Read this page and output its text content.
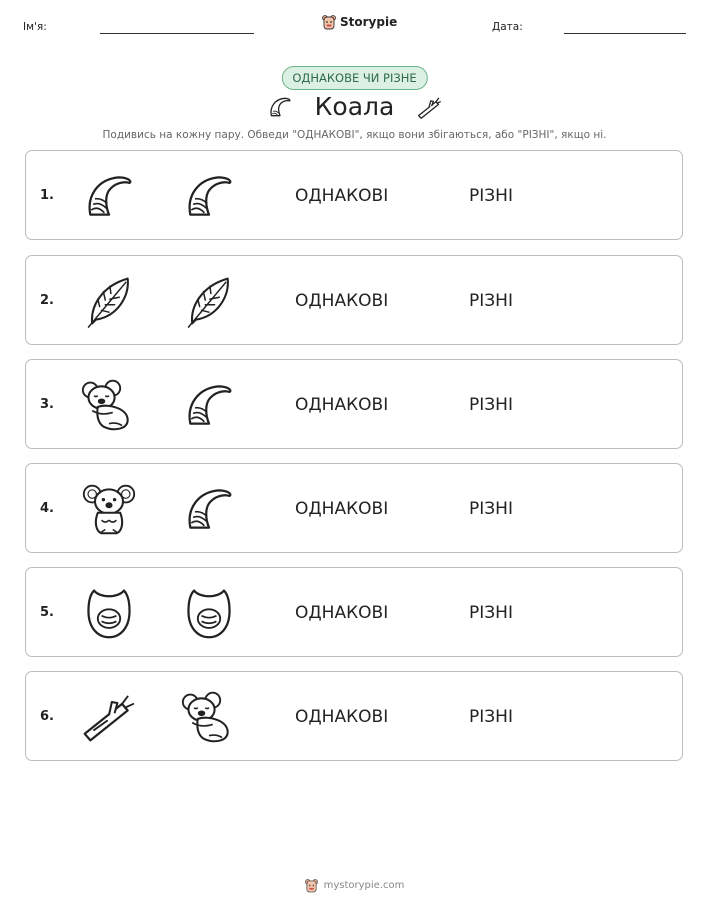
Ім'я:	Storypie	Дата:
ОДНАКОВЕ ЧИ РІЗНЕ
Коала
Подивись на кожну пару. Обведи "ОДНАКОВІ", якщо вони збігаються, або "РІЗНІ", якщо ні.
1.	ОДНАКОВІ	РІЗНІ
2.	ОДНАКОВІ	РІЗНІ
3.	ОДНАКОВІ	РІЗНІ
4.	ОДНАКОВІ	РІЗНІ
5.	ОДНАКОВІ	РІЗНІ
6.	ОДНАКОВІ	РІЗНІ
mystorypie.com
